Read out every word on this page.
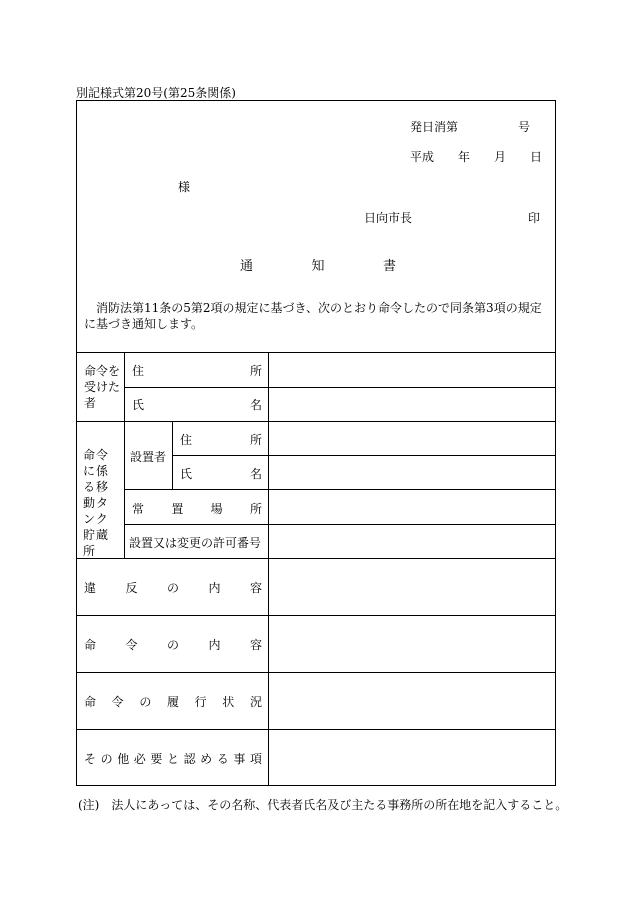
別記様式第20号(第25条関係)
発日消第　　　　　号
平成　　年　　月　　日
様
日向市長	印
通	知	書
　消防法第11条の5第2項の規定に基づき、次のとおり命令したので同条第3項の規定に基づき通知します。
命令を受けた者
住	所
氏	名
命令に係る移動タンク貯蔵所
設置者
住	所
氏	名
常 置 場 所
設置又は変更の許可番号
違 反 の 内 容
命 令 の 内 容
命 令 の 履 行 状 況
そ の 他 必 要 と 認 め る 事 項
(注)　法人にあっては、その名称、代表者氏名及び主たる事務所の所在地を記入すること。
